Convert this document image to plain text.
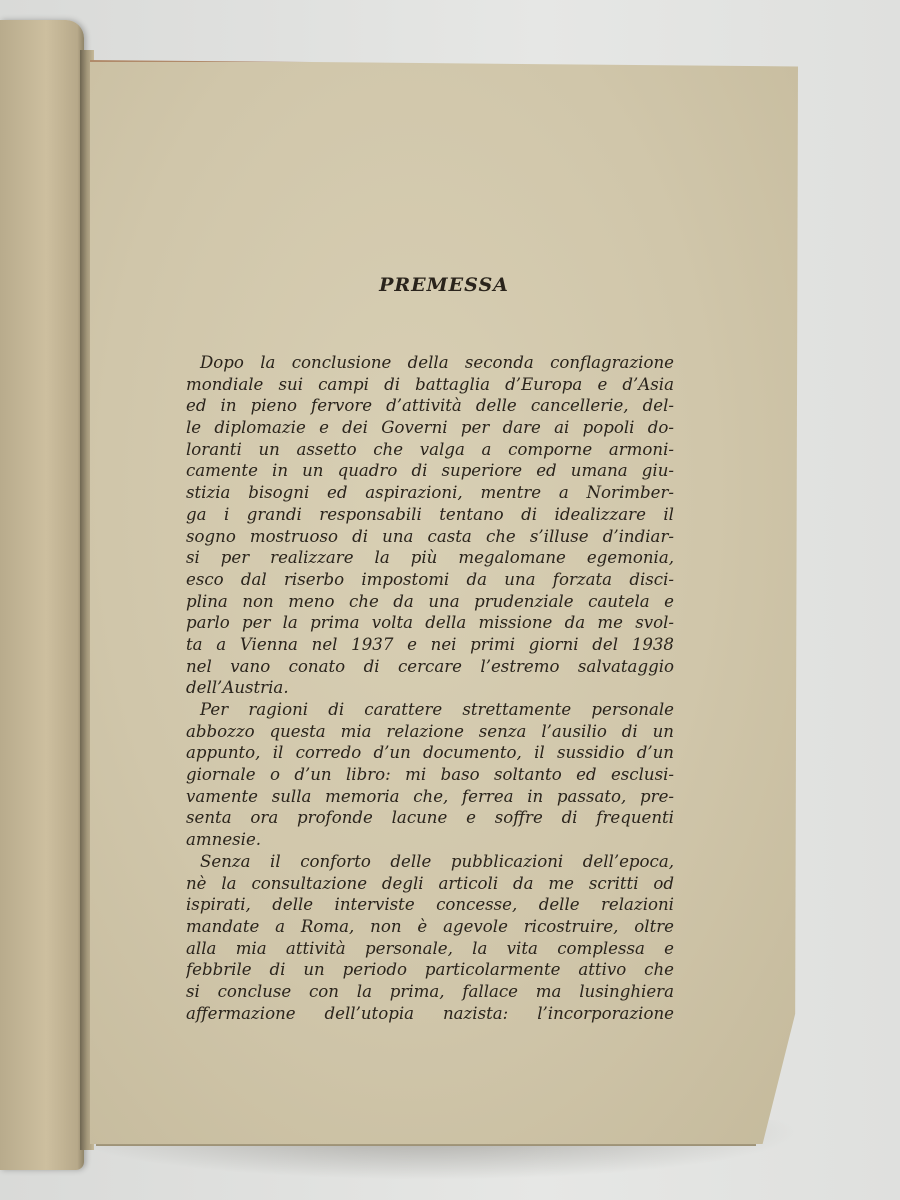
PREMESSA
Dopo la conclusione della seconda conflagrazione
mondiale sui campi di battaglia d’Europa e d’Asia
ed in pieno fervore d’attività delle cancellerie, del-
le diplomazie e dei Governi per dare ai popoli do-
loranti un assetto che valga a comporne armoni-
camente in un quadro di superiore ed umana giu-
stizia bisogni ed aspirazioni, mentre a Norimber-
ga i grandi responsabili tentano di idealizzare il
sogno mostruoso di una casta che s’illuse d’indiar-
si per realizzare la più megalomane egemonia,
esco dal riserbo impostomi da una forzata disci-
plina non meno che da una prudenziale cautela e
parlo per la prima volta della missione da me svol-
ta a Vienna nel 1937 e nei primi giorni del 1938
nel vano conato di cercare l’estremo salvataggio
dell’Austria.
Per ragioni di carattere strettamente personale
abbozzo questa mia relazione senza l’ausilio di un
appunto, il corredo d’un documento, il sussidio d’un
giornale o d’un libro: mi baso soltanto ed esclusi-
vamente sulla memoria che, ferrea in passato, pre-
senta ora profonde lacune e soffre di frequenti
amnesie.
Senza il conforto delle pubblicazioni dell’epoca,
nè la consultazione degli articoli da me scritti od
ispirati, delle interviste concesse, delle relazioni
mandate a Roma, non è agevole ricostruire, oltre
alla mia attività personale, la vita complessa e
febbrile di un periodo particolarmente attivo che
si concluse con la prima, fallace ma lusinghiera
affermazione dell’utopia nazista: l’incorporazione
